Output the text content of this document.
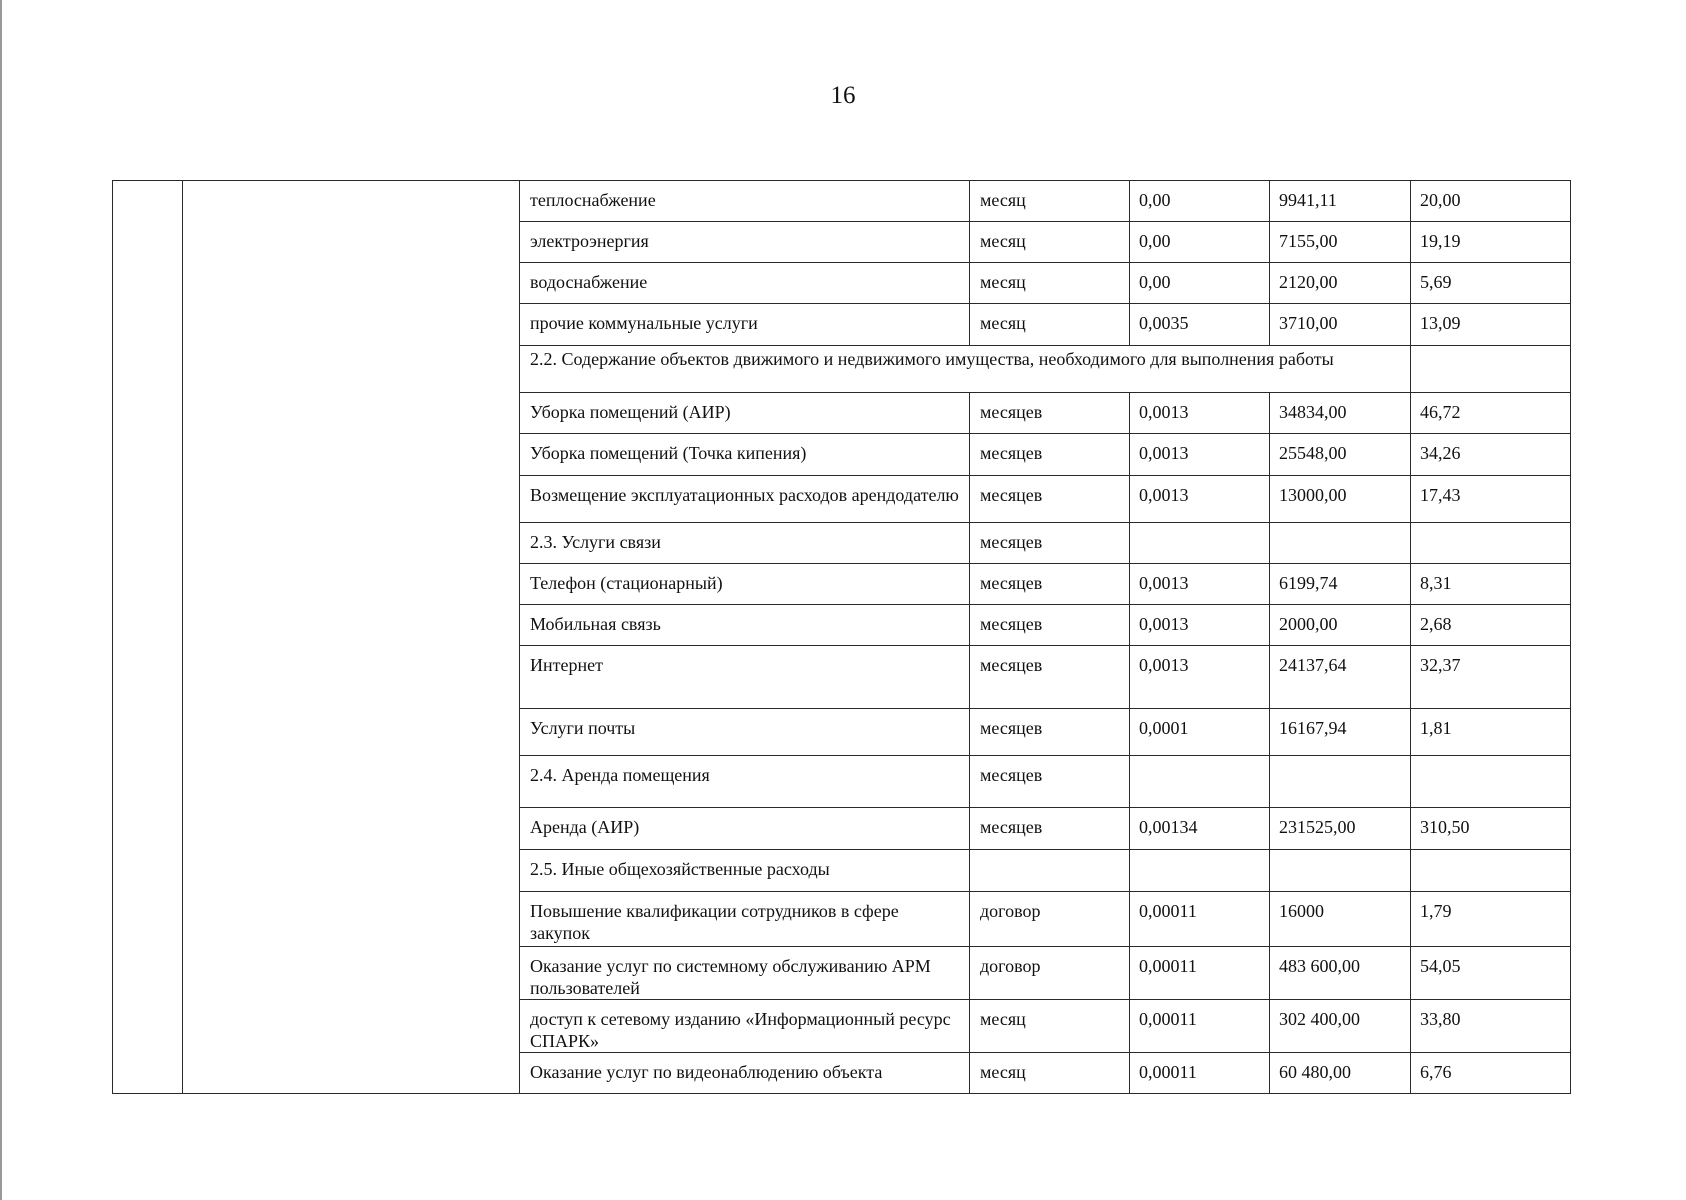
16
		теплоснабжение	месяц	0,00	9941,11	20,00
		электроэнергия	месяц	0,00	7155,00	19,19
		водоснабжение	месяц	0,00	2120,00	5,69
		прочие коммунальные услуги	месяц	0,0035	3710,00	13,09
		2.2. Содержание объектов движимого и недвижимого имущества, необходимого для выполнения работы				
		Уборка помещений (АИР)	месяцев	0,0013	34834,00	46,72
		Уборка помещений (Точка кипения)	месяцев	0,0013	25548,00	34,26
		Возмещение эксплуатационных расходов арендодателю	месяцев	0,0013	13000,00	17,43
		2.3. Услуги связи	месяцев			
		Телефон (стационарный)	месяцев	0,0013	6199,74	8,31
		Мобильная связь	месяцев	0,0013	2000,00	2,68
		Интернет	месяцев	0,0013	24137,64	32,37
		Услуги почты	месяцев	0,0001	16167,94	1,81
		2.4. Аренда помещения	месяцев			
		Аренда (АИР)	месяцев	0,00134	231525,00	310,50
		2.5. Иные общехозяйственные расходы				
		Повышение квалификации сотрудников в сфере закупок	договор	0,00011	16000	1,79
		Оказание услуг по системному обслуживанию АРМ пользователей	договор	0,00011	483 600,00	54,05
		доступ к сетевому изданию «Информационный ресурс СПАРК»	месяц	0,00011	302 400,00	33,80
		Оказание услуг по видеонаблюдению объекта	месяц	0,00011	60 480,00	6,76
